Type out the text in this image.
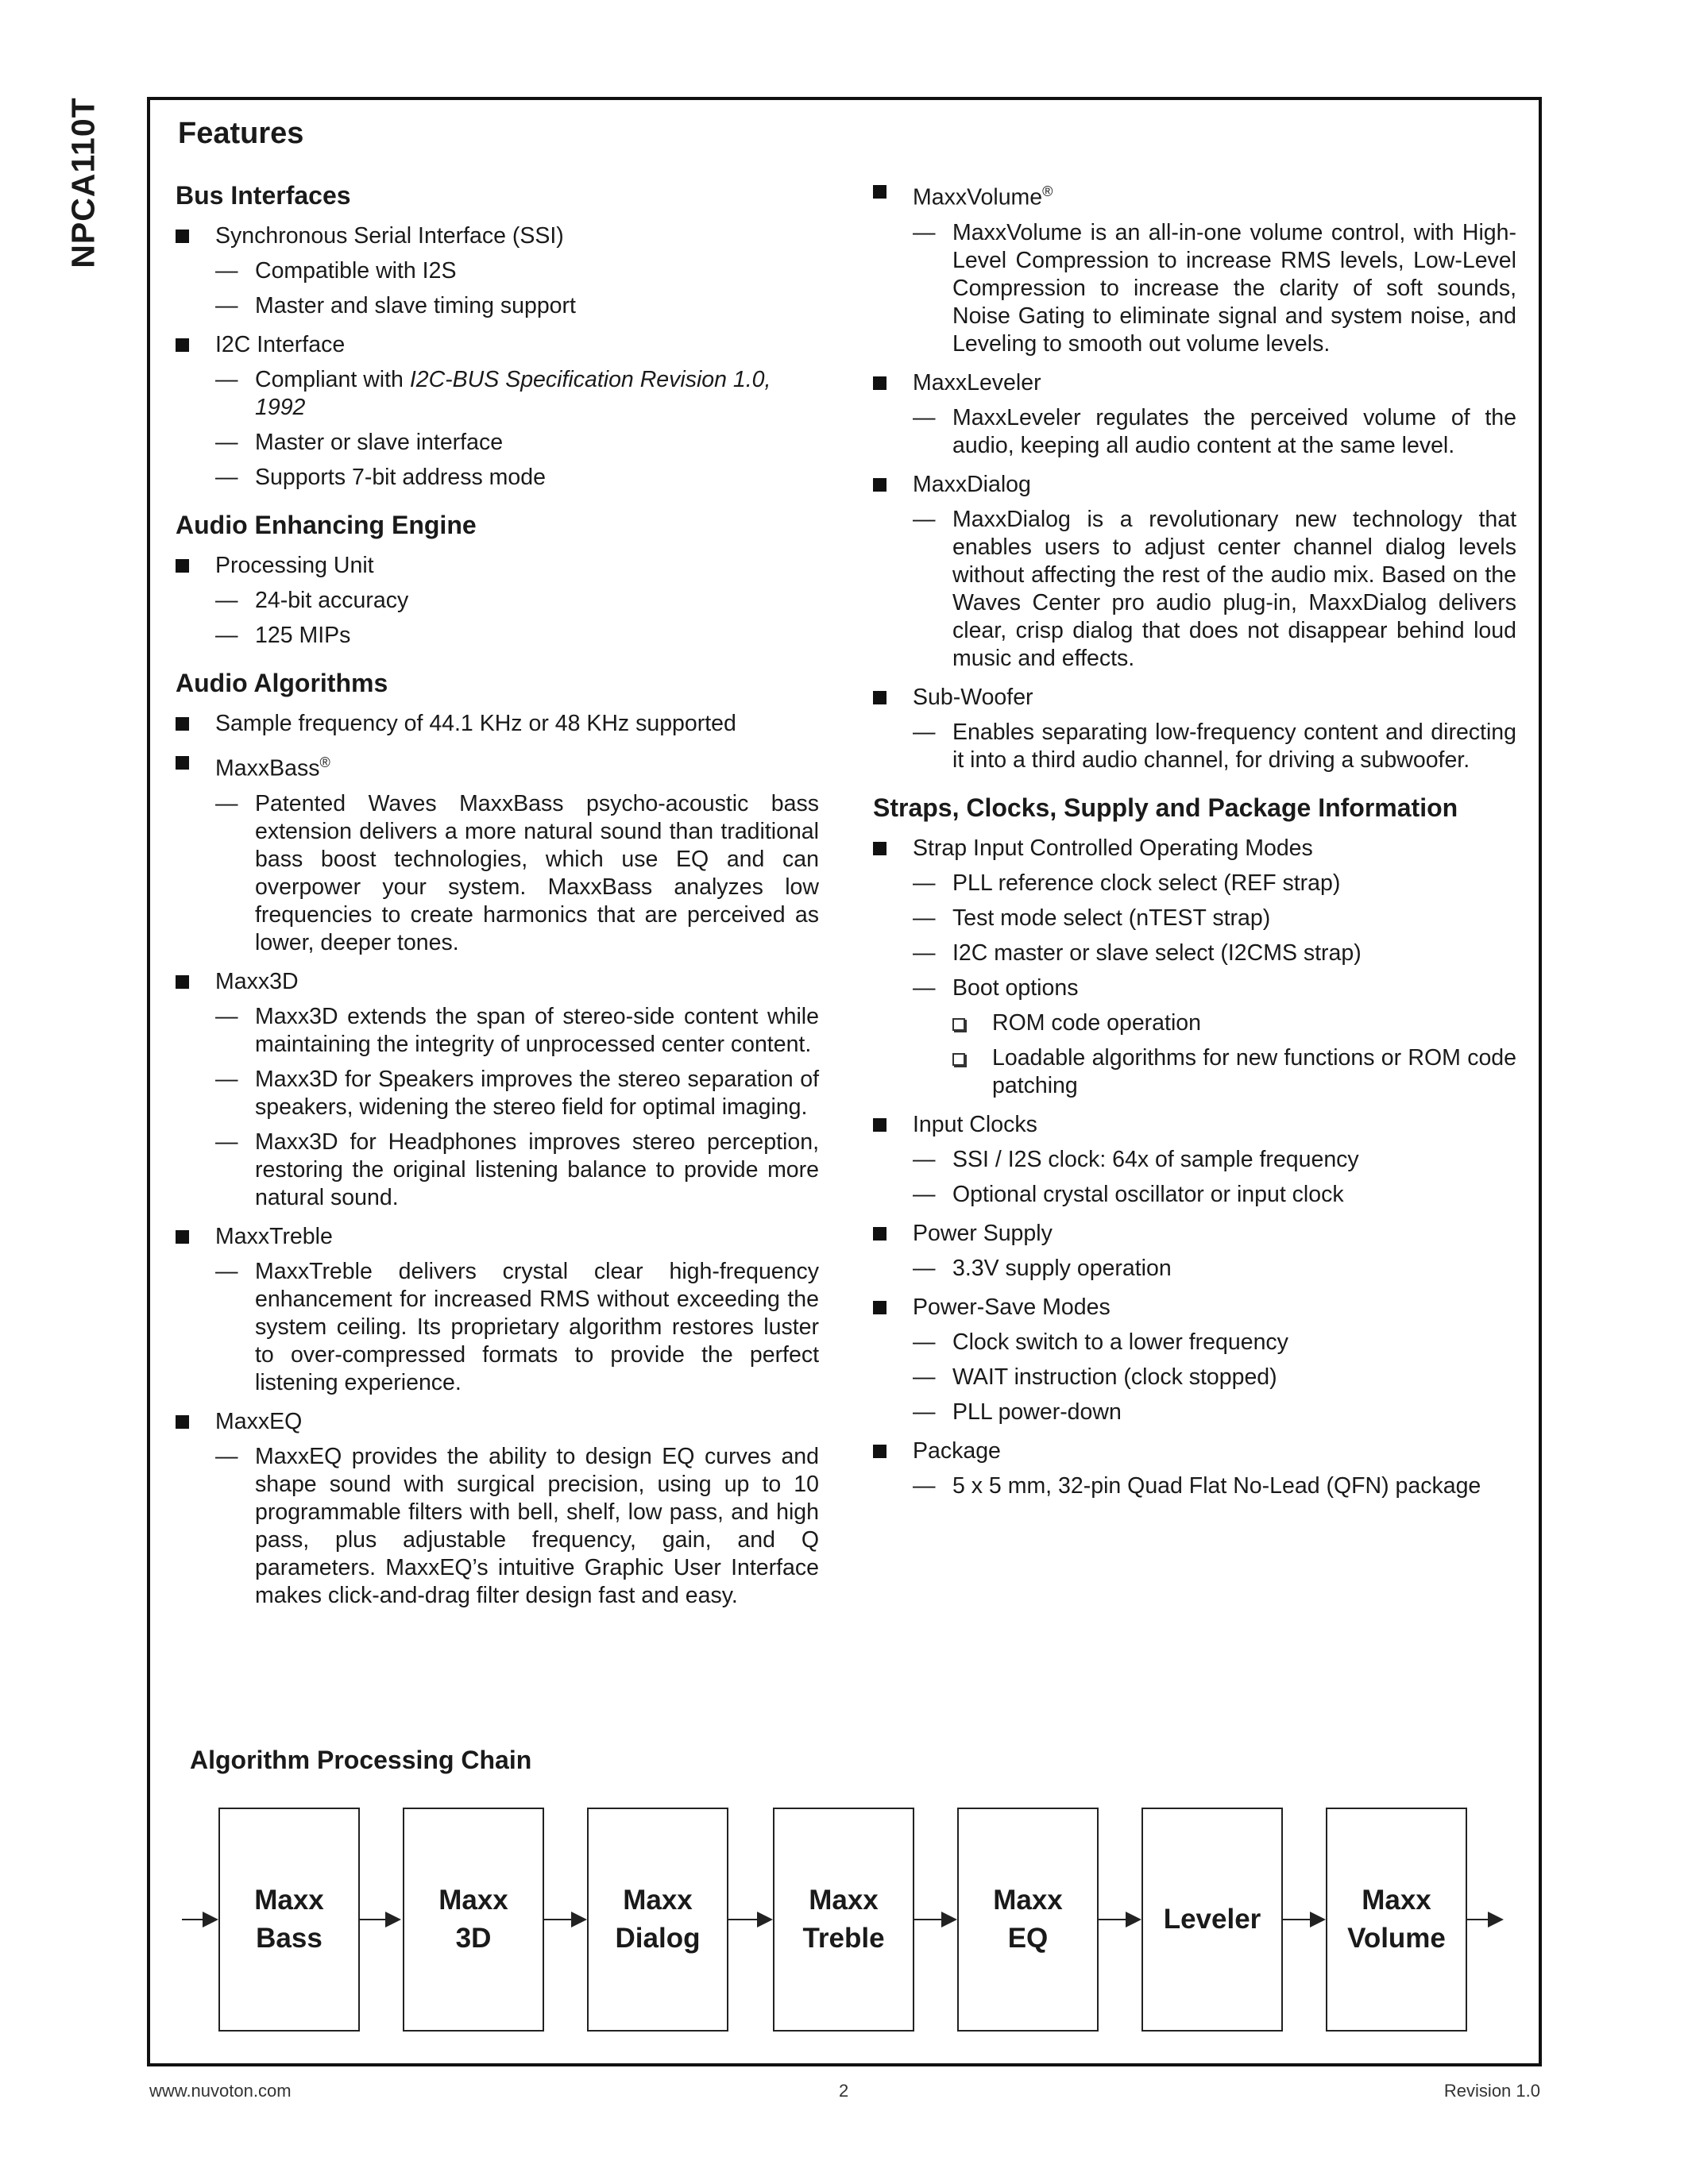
NPCA110T	Features
Bus Interfaces
Synchronous Serial Interface (SSI)
— Compatible with I2S
— Master and slave timing support
I2C Interface
— Compliant with I2C-BUS Specification Revision 1.0, 1992
— Master or slave interface
— Supports 7-bit address mode
Audio Enhancing Engine
Processing Unit
— 24-bit accuracy
— 125 MIPs
Audio Algorithms
Sample frequency of 44.1 KHz or 48 KHz supported
MaxxBass®
— Patented Waves MaxxBass psycho-acoustic bass extension delivers a more natural sound than traditional bass boost technologies, which use EQ and can overpower your system. MaxxBass analyzes low frequencies to create harmonics that are perceived as lower, deeper tones.
Maxx3D
— Maxx3D extends the span of stereo-side content while maintaining the integrity of unprocessed center content.
— Maxx3D for Speakers improves the stereo separation of speakers, widening the stereo field for optimal imaging.
— Maxx3D for Headphones improves stereo perception, restoring the original listening balance to provide more natural sound.
MaxxTreble
— MaxxTreble delivers crystal clear high-frequency enhancement for increased RMS without exceeding the system ceiling. Its proprietary algorithm restores luster to over-compressed formats to provide the perfect listening experience.
MaxxEQ
— MaxxEQ provides the ability to design EQ curves and shape sound with surgical precision, using up to 10 programmable filters with bell, shelf, low pass, and high pass, plus adjustable frequency, gain, and Q parameters. MaxxEQ’s intuitive Graphic User Interface makes click-and-drag filter design fast and easy.
MaxxVolume®
— MaxxVolume is an all-in-one volume control, with High-Level Compression to increase RMS levels, Low-Level Compression to increase the clarity of soft sounds, Noise Gating to eliminate signal and system noise, and Leveling to smooth out volume levels.
MaxxLeveler
— MaxxLeveler regulates the perceived volume of the audio, keeping all audio content at the same level.
MaxxDialog
— MaxxDialog is a revolutionary new technology that enables users to adjust center channel dialog levels without affecting the rest of the audio mix. Based on the Waves Center pro audio plug-in, MaxxDialog delivers clear, crisp dialog that does not disappear behind loud music and effects.
Sub-Woofer
— Enables separating low-frequency content and directing it into a third audio channel, for driving a subwoofer.
Straps, Clocks, Supply and Package Information
Strap Input Controlled Operating Modes
— PLL reference clock select (REF strap)
— Test mode select (nTEST strap)
— I2C master or slave select (I2CMS strap)
— Boot options
ROM code operation
Loadable algorithms for new functions or ROM code patching
Input Clocks
— SSI / I2S clock: 64x of sample frequency
— Optional crystal oscillator or input clock
Power Supply
— 3.3V supply operation
Power-Save Modes
— Clock switch to a lower frequency
— WAIT instruction (clock stopped)
— PLL power-down
Package
— 5 x 5 mm, 32-pin Quad Flat No-Lead (QFN) package
Algorithm Processing Chain
Maxx
Bass
Maxx
3D
Maxx
Dialog
Maxx
Treble
Maxx
EQ
Leveler
Maxx
Volume
www.nuvoton.com	2	Revision 1.0
